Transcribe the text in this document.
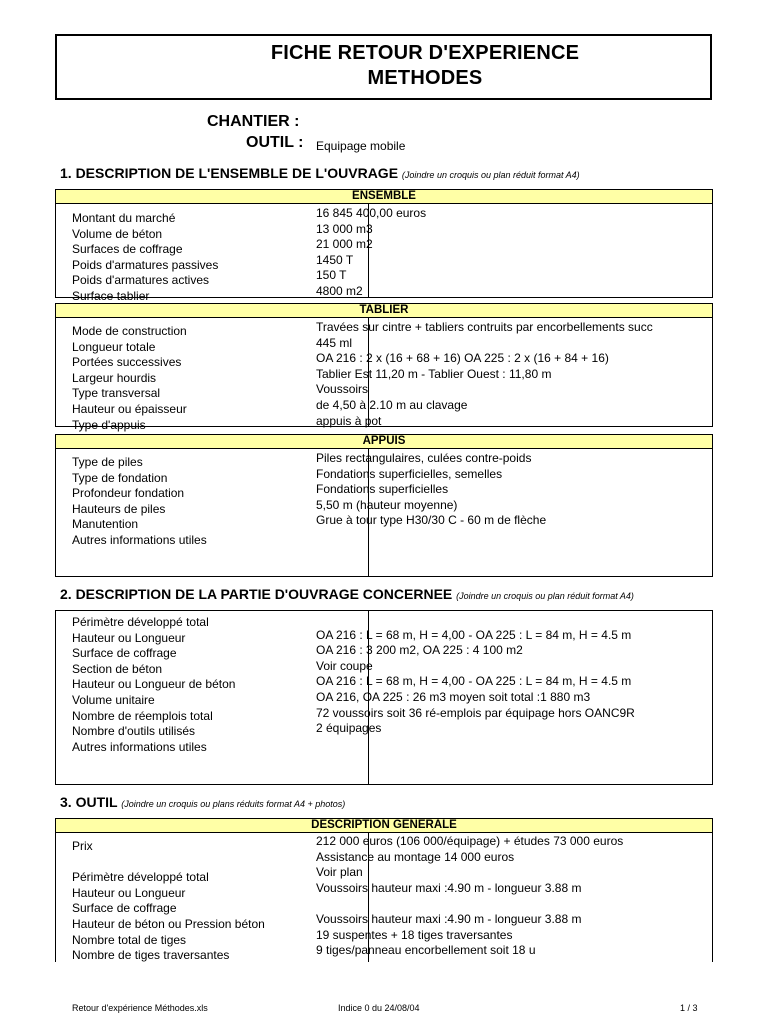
FICHE RETOUR D'EXPERIENCE
METHODES
CHANTIER :
OUTIL : Equipage mobile
1. DESCRIPTION DE L'ENSEMBLE DE L'OUVRAGE (Joindre un croquis ou plan réduit format A4)
ENSEMBLE
Montant du marché	16 845 400,00 euros
Volume de béton	13 000 m3
Surfaces de coffrage	21 000 m2
Poids d'armatures passives	1450 T
Poids d'armatures actives	150 T
Surface tablier	4800 m2
TABLIER
Mode de construction	Travées sur cintre + tabliers contruits par encorbellements succ
Longueur totale	445 ml
Portées successives	OA 216 : 2 x (16 + 68 + 16) OA 225 : 2 x (16 + 84 + 16)
Largeur hourdis	Tablier Est 11,20 m - Tablier Ouest : 11,80 m
Type transversal	Voussoirs
Hauteur ou épaisseur	de 4,50 à 2.10 m au clavage
Type d'appuis	appuis à pot
APPUIS
Type de piles	Piles rectangulaires, culées contre-poids
Type de fondation	Fondations superficielles, semelles
Profondeur fondation	Fondations superficielles
Hauteurs de piles	5,50 m (hauteur moyenne)
Manutention	Grue à tour type H30/30 C - 60 m de flèche
Autres informations utiles
2. DESCRIPTION DE LA PARTIE D'OUVRAGE CONCERNEE (Joindre un croquis ou plan réduit format A4)
Périmètre développé total
Hauteur ou Longueur	OA 216 : L = 68 m, H = 4,00 - OA 225 : L = 84 m, H = 4.5 m
Surface de coffrage	OA 216 : 3 200 m2, OA 225 : 4 100 m2
Section de béton	Voir coupe
Hauteur ou Longueur de béton	OA 216 : L = 68 m, H = 4,00 - OA 225 : L = 84 m, H = 4.5 m
Volume unitaire	OA 216, OA 225 : 26 m3 moyen soit total :1 880 m3
Nombre de réemplois total	72 voussoirs soit 36 ré-emplois par équipage hors OANC9R
Nombre d'outils utilisés	2 équipages
Autres informations utiles
3. OUTIL (Joindre un croquis ou plans réduits format A4 + photos)
DESCRIPTION GENERALE
Prix	212 000 euros (106 000/équipage) + études 73 000 euros
Assistance au montage 14 000 euros
Périmètre développé total	Voir plan
Hauteur ou Longueur	Voussoirs hauteur maxi :4.90 m - longueur 3.88 m
Surface de coffrage
Hauteur de béton ou Pression béton	Voussoirs hauteur maxi :4.90 m - longueur 3.88 m
Nombre total de tiges	19 suspentes + 18 tiges traversantes
Nombre de tiges traversantes	9 tiges/panneau encorbellement soit 18 u
Retour d'expérience Méthodes.xls	Indice 0 du 24/08/04	1 / 3
